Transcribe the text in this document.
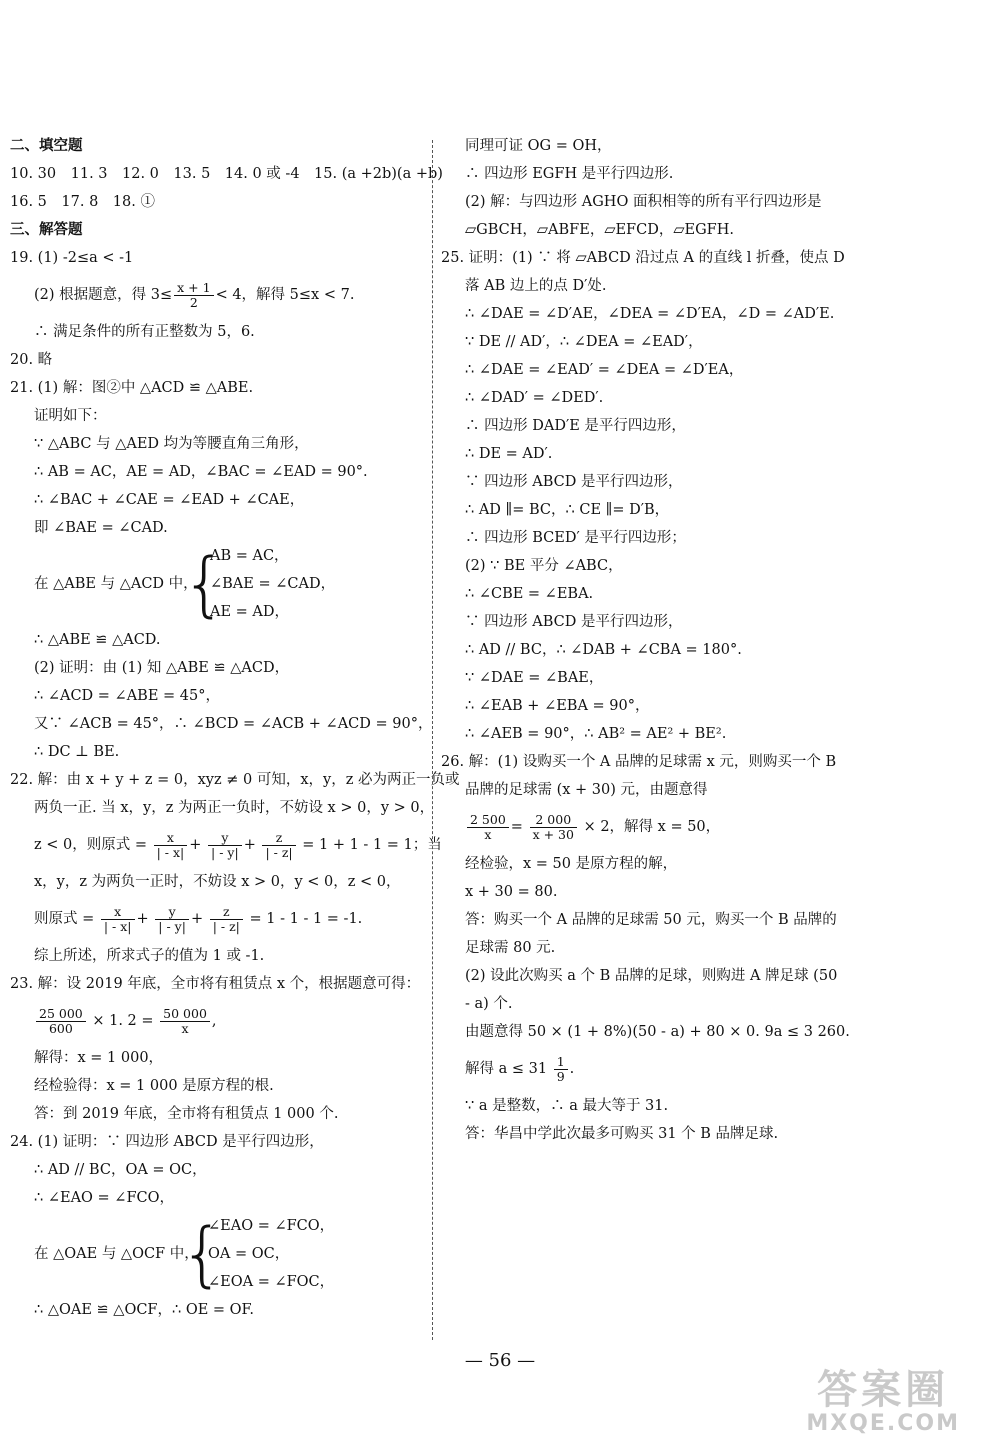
二、填空题
10. 30　11. 3　12. 0　13. 5　14. 0 或 -4　15. (a +2b)(a +b)
16. 5　17. 8　18. ①
三、解答题
19. (1) -2≤a < -1
(2) 根据题意，得 $3\le \frac{x + 1}{2} < 4$，解得 5≤x < 7.
∴ 满足条件的所有正整数为 5，6.
20. 略
21. (1) 解：图②中 △ACD ≌ △ABE.
证明如下：
∵ △ABC 与 △AED 均为等腰直角三角形，
∴ AB = AC，AE = AD，∠BAC = ∠EAD = 90°.
∴ ∠BAC + ∠CAE = ∠EAD + ∠CAE，
即 ∠BAE = ∠CAD.
在 △ABE 与 △ACD 中，
{
AB = AC，
∠BAE = ∠CAD，
AE = AD，
∴ △ABE ≌ △ACD.
(2) 证明：由 (1) 知 △ABE ≌ △ACD，
∴ ∠ACD = ∠ABE = 45°，
又∵ ∠ACB = 45°，∴ ∠BCD = ∠ACB + ∠ACD = 90°，
∴ DC ⊥ BE.
22. 解：由 x + y + z = 0，xyz ≠ 0 可知，x，y，z 必为两正一负或
两负一正. 当 x，y，z 为两正一负时，不妨设 x > 0，y > 0，
z < 0，则原式 = $\frac{x}{| - x|} + \frac{y}{| - y|} + \frac{z}{| - z|} = 1 + 1 - 1 = 1$；当
x，y，z 为两负一正时，不妨设 x > 0，y < 0，z < 0，
则原式 = $\frac{x}{| - x|} + \frac{y}{| - y|} + \frac{z}{| - z|} = 1 - 1 - 1 = -1$.
综上所述，所求式子的值为 1 或 -1.
23. 解：设 2019 年底，全市将有租赁点 x 个，根据题意可得：
$\frac{25 000}{600} \times 1$. $2 = \frac{50 000}{x}$ ,
解得：x = 1 000，
经检验得：x = 1 000 是原方程的根.
答：到 2019 年底，全市将有租赁点 1 000 个.
24. (1) 证明：∵ 四边形 ABCD 是平行四边形，
∴ AD // BC，OA = OC，
∴ ∠EAO = ∠FCO，
在 △OAE 与 △OCF 中，
{
∠EAO = ∠FCO，
OA = OC，
∠EOA = ∠FOC，
∴ △OAE ≌ △OCF，∴ OE = OF.
同理可证 OG = OH，
∴ 四边形 EGFH 是平行四边形.
(2) 解：与四边形 AGHO 面积相等的所有平行四边形是
▱GBCH，▱ABFE，▱EFCD，▱EGFH.
25. 证明：(1) ∵ 将 ▱ABCD 沿过点 A 的直线 l 折叠，使点 D
落 AB 边上的点 D′处.
∴ ∠DAE = ∠D′AE，∠DEA = ∠D′EA，∠D = ∠AD′E.
∵ DE // AD′，∴ ∠DEA = ∠EAD′，
∴ ∠DAE = ∠EAD′ = ∠DEA = ∠D′EA，
∴ ∠DAD′ = ∠DED′.
∴ 四边形 DAD′E 是平行四边形，
∴ DE = AD′.
∵ 四边形 ABCD 是平行四边形，
∴ AD ∥= BC，∴ CE ∥= D′B，
∴ 四边形 BCED′ 是平行四边形；
(2) ∵ BE 平分 ∠ABC，
∴ ∠CBE = ∠EBA.
∵ 四边形 ABCD 是平行四边形，
∴ AD // BC，∴ ∠DAB + ∠CBA = 180°.
∵ ∠DAE = ∠BAE，
∴ ∠EAB + ∠EBA = 90°，
∴ ∠AEB = 90°，∴ AB² = AE² + BE².
26. 解：(1) 设购买一个 A 品牌的足球需 x 元，则购买一个 B
品牌的足球需 (x + 30) 元，由题意得
$\frac{2 500}{x} = \frac{2 000}{x + 30} \times 2$，解得 x = 50，
经检验，x = 50 是原方程的解，
x + 30 = 80.
答：购买一个 A 品牌的足球需 50 元，购买一个 B 品牌的
足球需 80 元.
(2) 设此次购买 a 个 B 品牌的足球，则购进 A 牌足球 (50
- a) 个.
由题意得 50 × (1 + 8%)(50 - a) + 80 × 0. 9a ≤ 3 260.
解得 $a \le 31 \frac{1}{9}$ .
∵ a 是整数，∴ a 最大等于 31.
答：华昌中学此次最多可购买 31 个 B 品牌足球.
— 56 —
答案圈
MXQE.COM
